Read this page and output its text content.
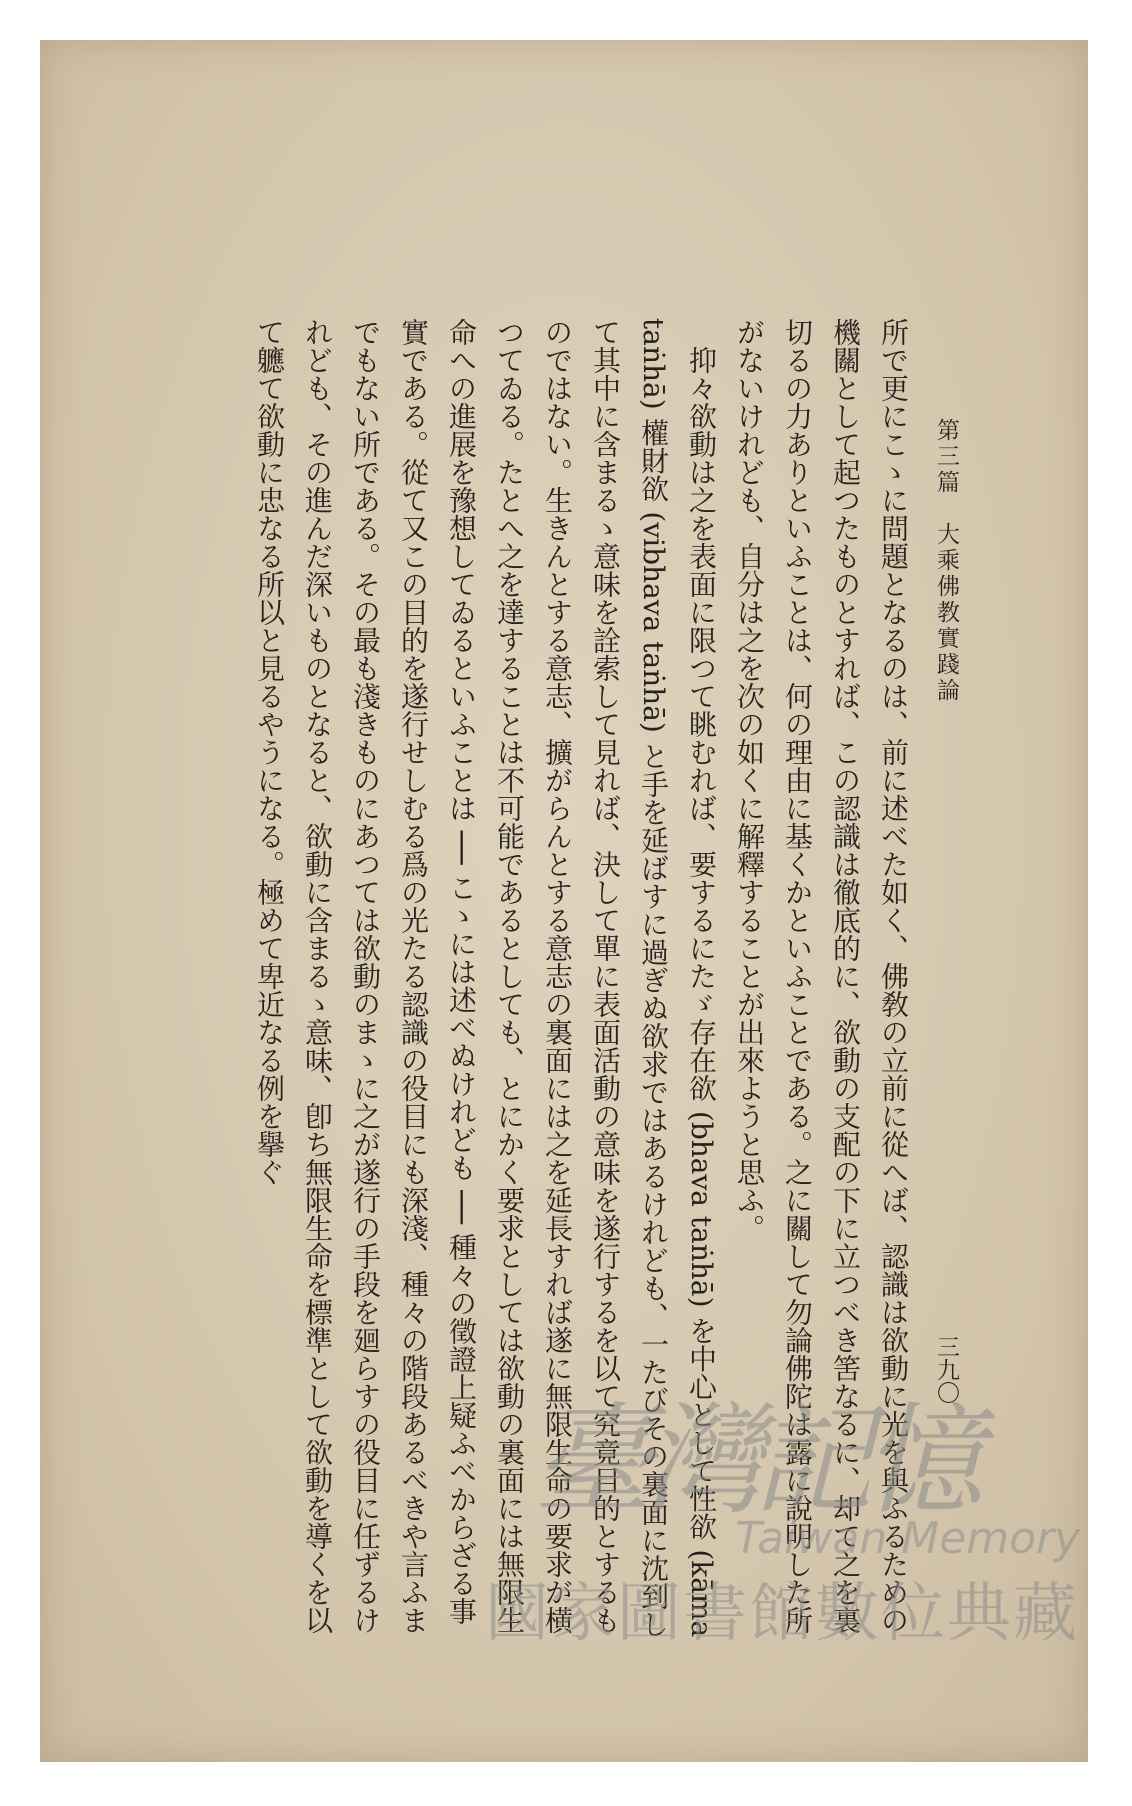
第三篇　大乘佛教實踐論
三九〇

所で更にこゝに問題となるのは、前に述べた如く、佛敎の立前に從へば、認識は欲動に光を與ふるための機關として起つたものとすれば、この認識は徹底的に、欲動の支配の下に立つべき筈なるに、却て之を裏切るの力ありといふことは、何の理由に基くかといふことである。之に關して勿論佛陀は露に說明した所がないけれども、自分は之を次の如くに解釋することが出來ようと思ふ。

抑々欲動は之を表面に限つて眺むれば、要するにたゞ存在欲 (bhava taṅhā) を中心として性欲 (kāma taṅhā) 權財欲 (vibhava taṅhā) と手を延ばすに過ぎぬ欲求ではあるけれども、一たびその裏面に沈到して其中に含まるゝ意味を詮索して見れば、決して單に表面活動の意味を遂行するを以て究竟目的とするものではない。生きんとする意志、擴がらんとする意志の裏面には之を延長すれば遂に無限生命の要求が横つてゐる。たとへ之を達することは不可能であるとしても、とにかく要求としては欲動の裏面には無限生命への進展を豫想してゐるといふことは ── こゝには述べぬけれども ── 種々の徵證上疑ふべからざる事實である。從て又この目的を遂行せしむる爲の光たる認識の役目にも深淺、種々の階段あるべきや言ふまでもない所である。その最も淺きものにあつては欲動のまゝに之が遂行の手段を廻らすの役目に任ずるけれども、その進んだ深いものとなると、欲動に含まるゝ意味、卽ち無限生命を標準として欲動を導くを以て軈て欲動に忠なる所以と見るやうになる。極めて卑近なる例を擧ぐ

臺灣記憶
Taiwan Memory
國家圖書館數位典藏
